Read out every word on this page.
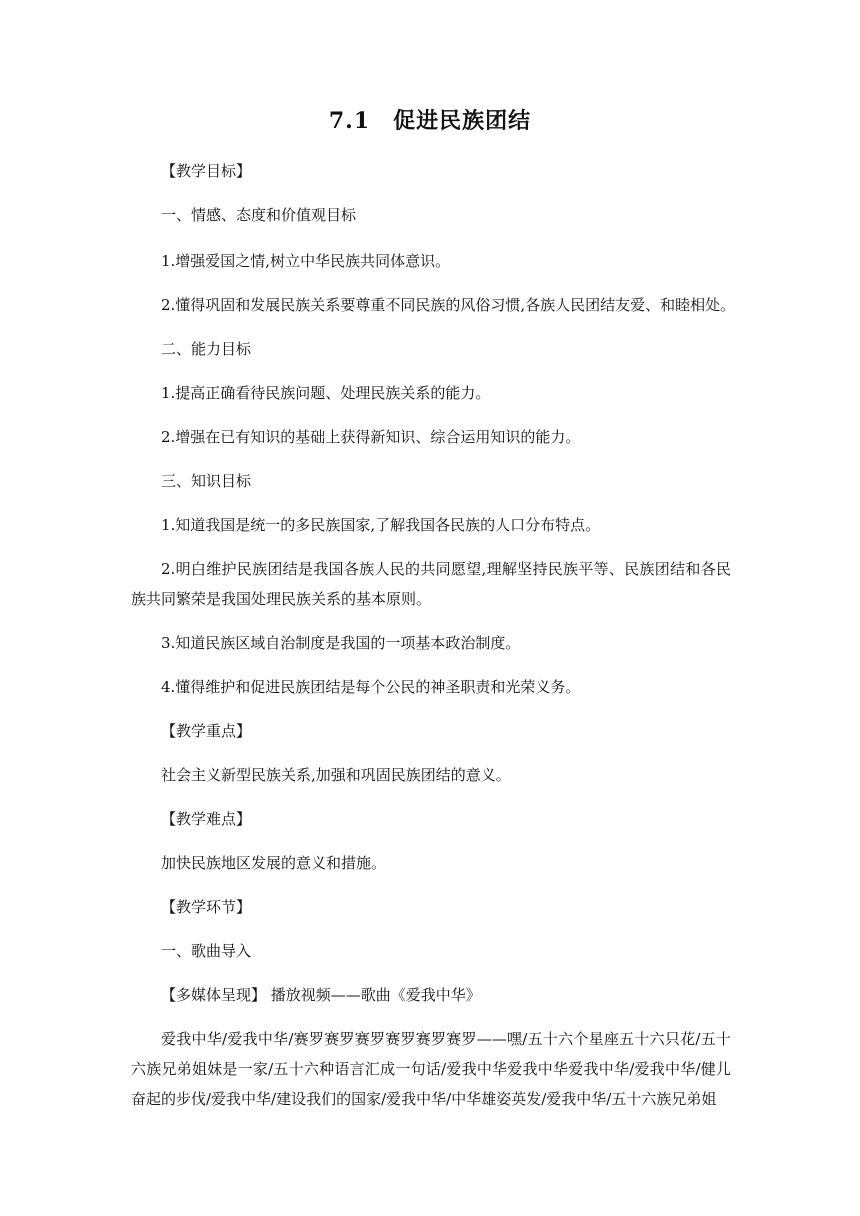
7.1　促进民族团结
【教学目标】
一、情感、态度和价值观目标
1.增强爱国之情,树立中华民族共同体意识。
2.懂得巩固和发展民族关系要尊重不同民族的风俗习惯,各族人民团结友爱、和睦相处。
二、能力目标
1.提高正确看待民族问题、处理民族关系的能力。
2.增强在已有知识的基础上获得新知识、综合运用知识的能力。
三、知识目标
1.知道我国是统一的多民族国家,了解我国各民族的人口分布特点。
2.明白维护民族团结是我国各族人民的共同愿望,理解坚持民族平等、民族团结和各民族共同繁荣是我国处理民族关系的基本原则。
3.知道民族区域自治制度是我国的一项基本政治制度。
4.懂得维护和促进民族团结是每个公民的神圣职责和光荣义务。
【教学重点】
社会主义新型民族关系,加强和巩固民族团结的意义。
【教学难点】
加快民族地区发展的意义和措施。
【教学环节】
一、歌曲导入
【多媒体呈现】 播放视频——歌曲《爱我中华》
爱我中华/爱我中华/赛罗赛罗赛罗赛罗赛罗赛罗——嘿/五十六个星座五十六只花/五十六族兄弟姐妹是一家/五十六种语言汇成一句话/爱我中华爱我中华爱我中华/爱我中华/健儿奋起的步伐/爱我中华/建设我们的国家/爱我中华/中华雄姿英发/爱我中华/五十六族兄弟姐
